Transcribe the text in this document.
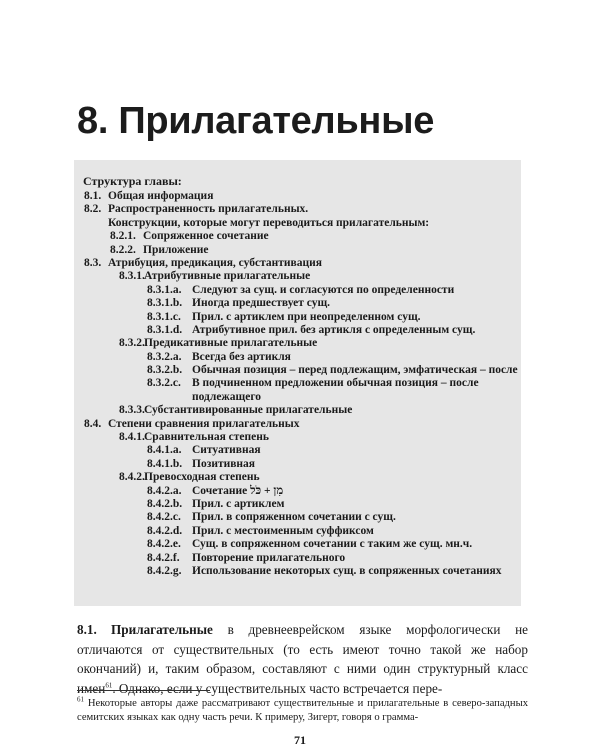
8. Прилагательные

Структура главы:

8.1. Общая информация
8.2. Распространенность прилагательных.
Конструкции, которые могут переводиться прилагательным:
8.2.1. Сопряженное сочетание
8.2.2. Приложение
8.3. Атрибуция, предикация, субстантивация
8.3.1. Атрибутивные прилагательные
8.3.1.a. Следуют за сущ. и согласуются по определенности
8.3.1.b. Иногда предшествует сущ.
8.3.1.c. Прил. с артиклем при неопределенном сущ.
8.3.1.d. Атрибутивное прил. без артикля с определенным сущ.
8.3.2. Предикативные прилагательные
8.3.2.a. Всегда без артикля
8.3.2.b. Обычная позиция – перед подлежащим, эмфатическая – после
8.3.2.c. В подчиненном предложении обычная позиция – после подлежащего
8.3.3. Субстантивированные прилагательные
8.4. Степени сравнения прилагательных
8.4.1. Сравнительная степень
8.4.1.a. Ситуативная
8.4.1.b. Позитивная
8.4.2. Превосходная степень
8.4.2.a. Сочетание מִן + כֹּל
8.4.2.b. Прил. с артиклем
8.4.2.c. Прил. в сопряженном сочетании с сущ.
8.4.2.d. Прил. с местоименным суффиксом
8.4.2.e. Сущ. в сопряженном сочетании с таким же сущ. мн.ч.
8.4.2.f. Повторение прилагательного
8.4.2.g. Использование некоторых сущ. в сопряженных сочетаниях
8.1.	Прилагательные в древнееврейском языке морфологически не отличаются от существительных (то есть имеют точно такой же набор окончаний) и, таким образом, составляют с ними один структурный класс имен$^{61}$. Однако, если у существительных часто встречается пере-

$^{61}$ Некоторые авторы даже рассматривают существительные и прилагательные в северо-западных семитских языках как одну часть речи. К примеру, Зигерт, говоря о грамма-

71
